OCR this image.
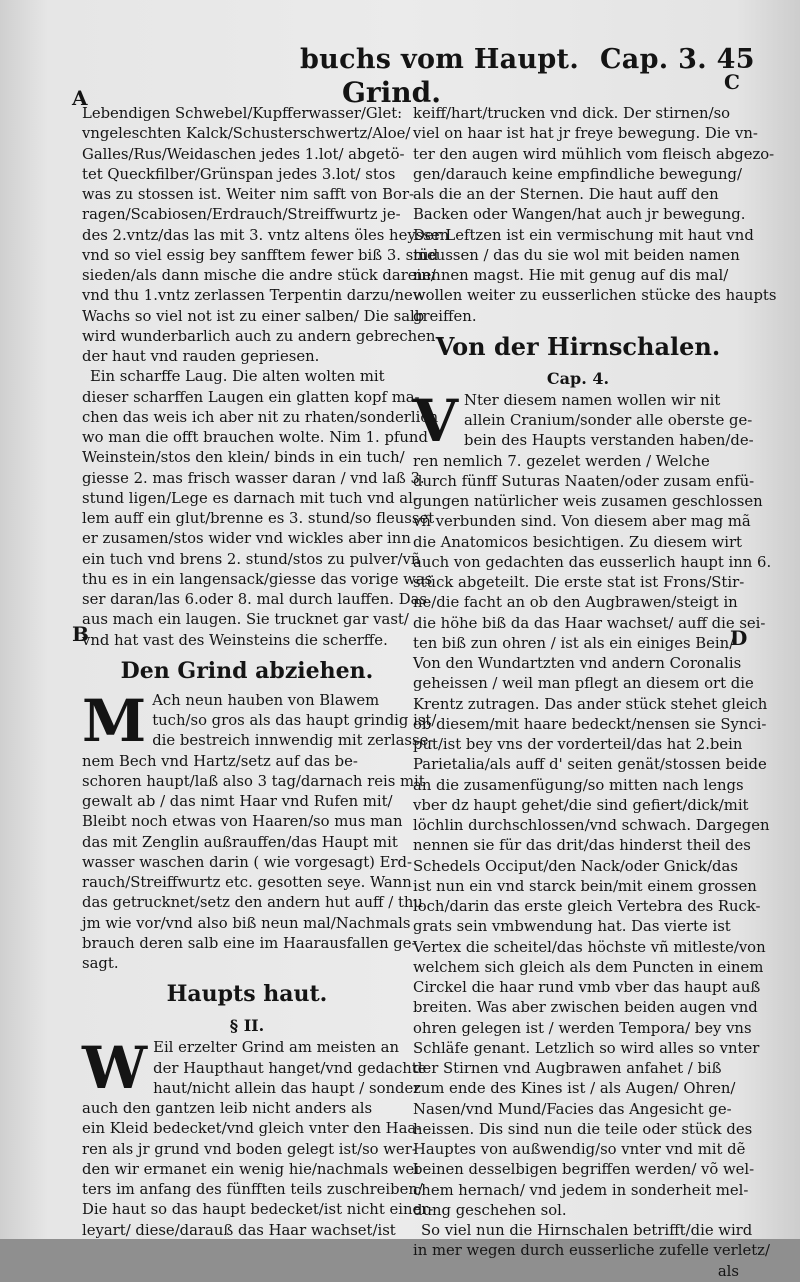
buchs vom Haupt. Cap. 3. 45
Grind.
A
C
B	D
Lebendigen Schwebel/Kupfferwasser/Glet:
vngeleschten Kalck/Schusterschwertz/Aloe/
Galles/Rus/Weidaschen jedes 1.lot/ abgetö-
tet Queckfilber/Grünspan jedes 3.lot/ stos
was zu stossen ist. Weiter nim safft von Bor-
ragen/Scabiosen/Erdrauch/Streiffwurtz je-
des 2.vntz/das las mit 3. vntz altens öles heyssen
vnd so viel essig bey sanfftem fewer biß 3. stüd
sieden/als dann mische die andre stück darein/
vnd thu 1.vntz zerlassen Terpentin darzu/new
Wachs so viel not ist zu einer salben/ Die salb
wird wunderbarlich auch zu andern gebrechen
der haut vnd rauden gepriesen.
Ein scharffe Laug. Die alten wolten mit
dieser scharffen Laugen ein glatten kopf ma-
chen das weis ich aber nit zu rhaten/sonderlich
wo man die offt brauchen wolte. Nim 1. pfund
Weinstein/stos den klein/ binds in ein tuch/
giesse 2. mas frisch wasser daran / vnd laß 3.
stund ligen/Lege es darnach mit tuch vnd al-
lem auff ein glut/brenne es 3. stund/so fleusset
er zusamen/stos wider vnd wickles aber inn
ein tuch vnd brens 2. stund/stos zu pulver/vñ
thu es in ein langensack/giesse das vorige was
ser daran/las 6.oder 8. mal durch lauffen. Das
aus mach ein laugen. Sie trucknet gar vast/
vnd hat vast des Weinsteins die scherffe.
Den Grind abziehen.
M Ach neun hauben von Blawem
tuch/so gros als das haupt grindig ist/
die bestreich innwendig mit zerlasse-
nem Bech vnd Hartz/setz auf das be-
schoren haupt/laß also 3 tag/darnach reis mit
gewalt ab / das nimt Haar vnd Rufen mit/
Bleibt noch etwas von Haaren/so mus man
das mit Zenglin außrauffen/das Haupt mit
wasser waschen darin ( wie vorgesagt) Erd-
rauch/Streiffwurtz etc. gesotten seye. Wann
das getrucknet/setz den andern hut auff / thu
jm wie vor/vnd also biß neun mal/Nachmals
brauch deren salb eine im Haarausfallen ge-
sagt.
Haupts haut.
§ II.
W Eil erzelter Grind am meisten an
der Haupthaut hanget/vnd gedachte
haut/nicht allein das haupt / sonder
auch den gantzen leib nicht anders als
ein Kleid bedecket/vnd gleich vnter den Haa-
ren als jr grund vnd boden gelegt ist/so wer-
den wir ermanet ein wenig hie/nachmals wei
ters im anfang des fünfften teils zuschreiben/
Die haut so das haupt bedecket/ist nicht einer-
leyart/ diese/darauß das Haar wachset/ist
keiff/hart/trucken vnd dick. Der stirnen/so
viel on haar ist hat jr freye bewegung. Die vn-
ter den augen wird mühlich vom fleisch abgezo-
gen/darauch keine empfindliche bewegung/
als die an der Sternen. Die haut auff den
Backen oder Wangen/hat auch jr bewegung.
Der Leftzen ist ein vermischung mit haut vnd
meussen / das du sie wol mit beiden namen
nennen magst. Hie mit genug auf dis mal/
wollen weiter zu eusserlichen stücke des haupts
greiffen.
Von der Hirnschalen.
Cap. 4.
V Nter diesem namen wollen wir nit
allein Cranium/sonder alle oberste ge-
bein des Haupts verstanden haben/de-
ren nemlich 7. gezelet werden / Welche
durch fünff Suturas Naaten/oder zusam enfü-
gungen natürlicher weis zusamen geschlossen
vñ verbunden sind. Von diesem aber mag mã
die Anatomicos besichtigen. Zu diesem wirt
auch von gedachten das eusserlich haupt inn 6.
stück abgeteilt. Die erste stat ist Frons/Stir-
ne/die facht an ob den Augbrawen/steigt in
die höhe biß da das Haar wachset/ auff die sei-
ten biß zun ohren / ist als ein einiges Bein/
Von den Wundartzten vnd andern Coronalis
geheissen / weil man pflegt an diesem ort die
Krentz zutragen. Das ander stück stehet gleich
ob diesem/mit haare bedeckt/nensen sie Synci-
put/ist bey vns der vorderteil/das hat 2.bein
Parietalia/als auff d' seiten genät/stossen beide
an die zusamenfügung/so mitten nach lengs
vber dz haupt gehet/die sind gefiert/dick/mit
löchlin durchschlossen/vnd schwach. Dargegen
nennen sie für das drit/das hinderst theil des
Schedels Occiput/den Nack/oder Gnick/das
ist nun ein vnd starck bein/mit einem grossen
loch/darin das erste gleich Vertebra des Ruck-
grats sein vmbwendung hat. Das vierte ist
Vertex die scheitel/das höchste vñ mitleste/von
welchem sich gleich als dem Puncten in einem
Circkel die haar rund vmb vber das haupt auß
breiten. Was aber zwischen beiden augen vnd
ohren gelegen ist / werden Tempora/ bey vns
Schläfe genant. Letzlich so wird alles so vnter
der Stirnen vnd Augbrawen anfahet / biß
zum ende des Kines ist / als Augen/ Ohren/
Nasen/vnd Mund/Facies das Angesicht ge-
heissen. Dis sind nun die teile oder stück des
Hauptes von außwendig/so vnter vnd mit dẽ
beinen desselbigen begriffen werden/ võ wel-
chem hernach/ vnd jedem in sonderheit mel-
dung geschehen sol.
So viel nun die Hirnschalen betrifft/die wird
in mer wegen durch eusserliche zufelle verletz/
als
